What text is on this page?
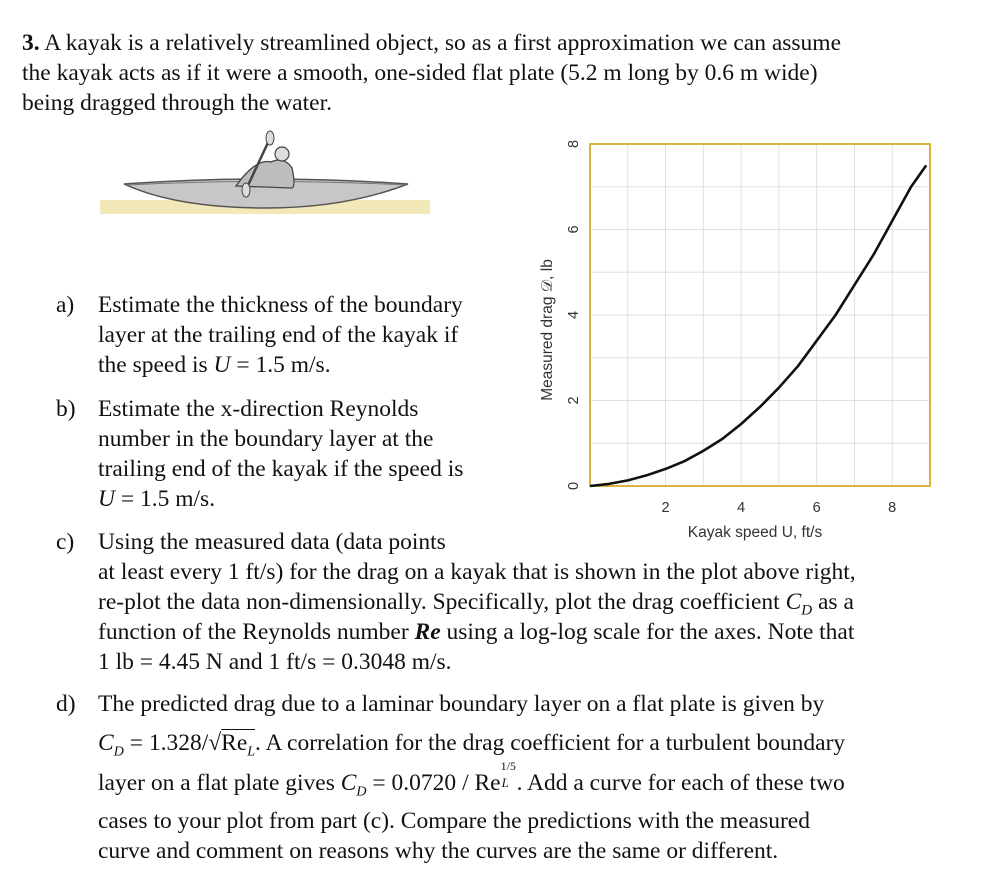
3. A kayak is a relatively streamlined object, so as a first approximation we can assume
the kayak acts as if it were a smooth, one-sided flat plate (5.2 m long by 0.6 m wide)
being dragged through the water.
a) Estimate the thickness of the boundary
layer at the trailing end of the kayak if
the speed is U = 1.5 m/s.
b) Estimate the x-direction Reynolds
number in the boundary layer at the
trailing end of the kayak if the speed is
U = 1.5 m/s.	2	4	6	8
0
2
4
6
8
Kayak speed U, ft/s
Measured drag 𝒟, lb
c) Using the measured data (data points
at least every 1 ft/s) for the drag on a kayak that is shown in the plot above right,
re-plot the data non-dimensionally. Specifically, plot the drag coefficient $C_D$ as a
function of the Reynolds number Re using a log-log scale for the axes. Note that
1 lb = 4.45 N and 1 ft/s = 0.3048 m/s.
d) The predicted drag due to a laminar boundary layer on a flat plate is given by
$C_D = 1.328/√Re_L$. A correlation for the drag coefficient for a turbulent boundary
layer on a flat plate gives $C_D = 0.0720 / Re$
1/5
L . Add a curve for each of these two
cases to your plot from part (c). Compare the predictions with the measured
curve and comment on reasons why the curves are the same or different.
